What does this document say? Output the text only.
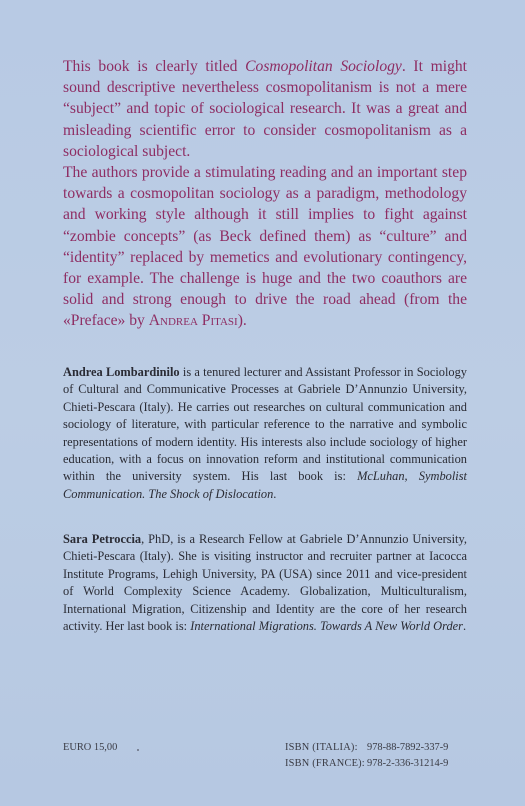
This book is clearly titled Cosmopolitan Sociology. It might sound descriptive nevertheless cosmopolitanism is not a mere “subject” and topic of sociological research. It was a great and misleading scientific error to consider cosmopolitanism as a sociological subject.

The authors provide a stimulating reading and an important step towards a cosmopolitan sociology as a paradigm, methodology and working style although it still implies to fight against “zombie concepts” (as Beck defined them) as “culture” and “identity” replaced by memetics and evolutionary contingency, for example. The challenge is huge and the two coauthors are solid and strong enough to drive the road ahead (from the «Preface» by Andrea Pitasi).

Andrea Lombardinilo is a tenured lecturer and Assistant Professor in Sociology of Cultural and Communicative Processes at Gabriele D’Annunzio University, Chieti-Pescara (Italy). He carries out researches on cultural communication and sociology of literature, with particular reference to the narrative and symbolic representations of modern identity. His interests also include sociology of higher education, with a focus on innovation reform and institutional communication within the university system. His last book is: McLuhan, Symbolist Communication. The Shock of Dislocation.

Sara Petroccia, PhD, is a Research Fellow at Gabriele D’Annunzio University, Chieti-Pescara (Italy). She is visiting instructor and recruiter partner at Iacocca Institute Programs, Lehigh University, PA (USA) since 2011 and vice-president of World Complexity Science Academy. Globalization, Multiculturalism, International Migration, Citizenship and Identity are the core of her research activity. Her last book is: International Migrations. Towards A New World Order.

EURO 15,00	ISBN (ITALIA): 978-88-7892-337-9
ISBN (FRANCE): 978-2-336-31214-9
